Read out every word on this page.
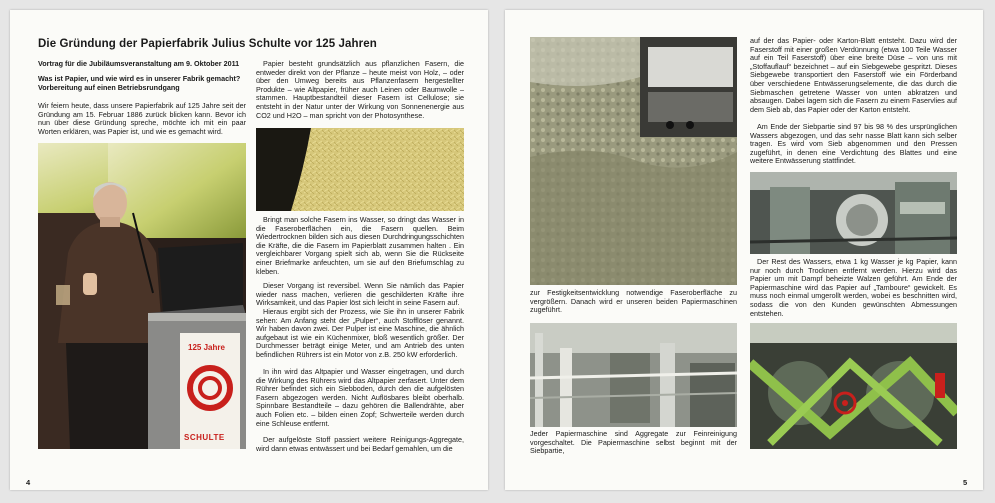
Die Gründung der Papierfabrik Julius Schulte vor 125 Jahren

Vortrag für die Jubiläumsveranstaltung am 9. Oktober 2011

Was ist Papier, und wie wird es in unserer Fabrik gemacht? Vorbereitung auf einen Betriebsrundgang

Wir feiern heute, dass unsere Papierfabrik auf 125 Jahre seit der Gründung am 15. Februar 1886 zurück blicken kann. Bevor ich nun über diese Gründung spreche, möchte ich mit ein paar Worten erklären, was Papier ist, und wie es gemacht wird.

125 Jahre
SCHULTE

Papier besteht grundsätzlich aus pflanzlichen Fasern, die entweder direkt von der Pflanze – heute meist von Holz, – oder über den Umweg bereits aus Pflanzenfasern hergestellter Produkte – wie Altpapier, früher auch Leinen oder Baumwolle – stammen. Hauptbestandteil dieser Fasern ist Cellulose; sie entsteht in der Natur unter der Wirkung von Sonnenenergie aus CO2 und H2O – man spricht von der Photosynthese.

Bringt man solche Fasern ins Wasser, so dringt das Wasser in die Faseroberflächen ein, die Fasern quellen. Beim Wiedertrocknen bilden sich aus diesen Durchdringungsschichten die Kräfte, die die Fasern im Papierblatt zusammen halten . Ein vergleichbarer Vorgang spielt sich ab, wenn Sie die Rückseite einer Briefmarke anfeuchten, um sie auf den Briefumschlag zu kleben.

Dieser Vorgang ist reversibel. Wenn Sie nämlich das Papier wieder nass machen, verlieren die geschilderten Kräfte ihre Wirksamkeit, und das Papier löst sich leicht in seine Fasern auf.

Hieraus ergibt sich der Prozess, wie Sie ihn in unserer Fabrik sehen: Am Anfang steht der „Pulper“, auch Stofflöser genannt. Wir haben davon zwei. Der Pulper ist eine Maschine, die ähnlich aufgebaut ist wie ein Küchenmixer, bloß wesentlich größer. Der Durchmesser beträgt einige Meter, und am Antrieb des unten befindlichen Rührers ist ein Motor von z.B. 250 kW erforderlich.

In ihn wird das Altpapier und Wasser eingetragen, und durch die Wirkung des Rührers wird das Altpapier zerfasert. Unter dem Rührer befindet sich ein Siebboden, durch den die aufgelösten Fasern abgezogen werden. Nicht Auflösbares bleibt oberhalb. Spinnbare Bestandteile – dazu gehören die Ballendrähte, aber auch Folien etc. – bilden einen Zopf; Schwerteile werden durch eine Schleuse entfernt.

Der aufgelöste Stoff passiert weitere Reinigungs-Aggregate, wird dann etwas entwässert und bei Bedarf gemahlen, um die

4

zur Festigkeitsentwicklung notwendige Faseroberfläche zu vergrößern. Danach wird er unseren beiden Papiermaschinen zugeführt.

Jeder Papiermaschine sind Aggregate zur Feinreinigung vorgeschaltet. Die Papiermaschine selbst beginnt mit der Siebpartie,

auf der das Papier- oder Karton-Blatt entsteht. Dazu wird der Faserstoff mit einer großen Verdünnung (etwa 100 Teile Wasser auf ein Teil Faserstoff) über eine breite Düse – von uns mit „Stoffauflauf“ bezeichnet – auf ein Siebgewebe gespritzt. Dieses Siebgewebe transportiert den Faserstoff wie ein Förderband über verschiedene Entwässerungselemente, die das durch die Siebmaschen getretene Wasser von unten abkratzen und absaugen. Dabei lagern sich die Fasern zu einem Faservlies auf dem Sieb ab, das Papier oder der Karton entsteht.

Am Ende der Siebpartie sind 97 bis 98 % des ursprünglichen Wassers abgezogen, und das sehr nasse Blatt kann sich selber tragen. Es wird vom Sieb abgenommen und den Pressen zugeführt, in denen eine Verdichtung des Blattes und eine weitere Entwässerung stattfindet.

Der Rest des Wassers, etwa 1 kg Wasser je kg Papier, kann nur noch durch Trocknen entfernt werden. Hierzu wird das Papier um mit Dampf beheizte Walzen geführt. Am Ende der Papiermaschine wird das Papier auf „Tamboure“ gewickelt. Es muss noch einmal umgerollt werden, wobei es beschnitten wird, sodass die von den Kunden gewünschten Abmessungen entstehen.

5
